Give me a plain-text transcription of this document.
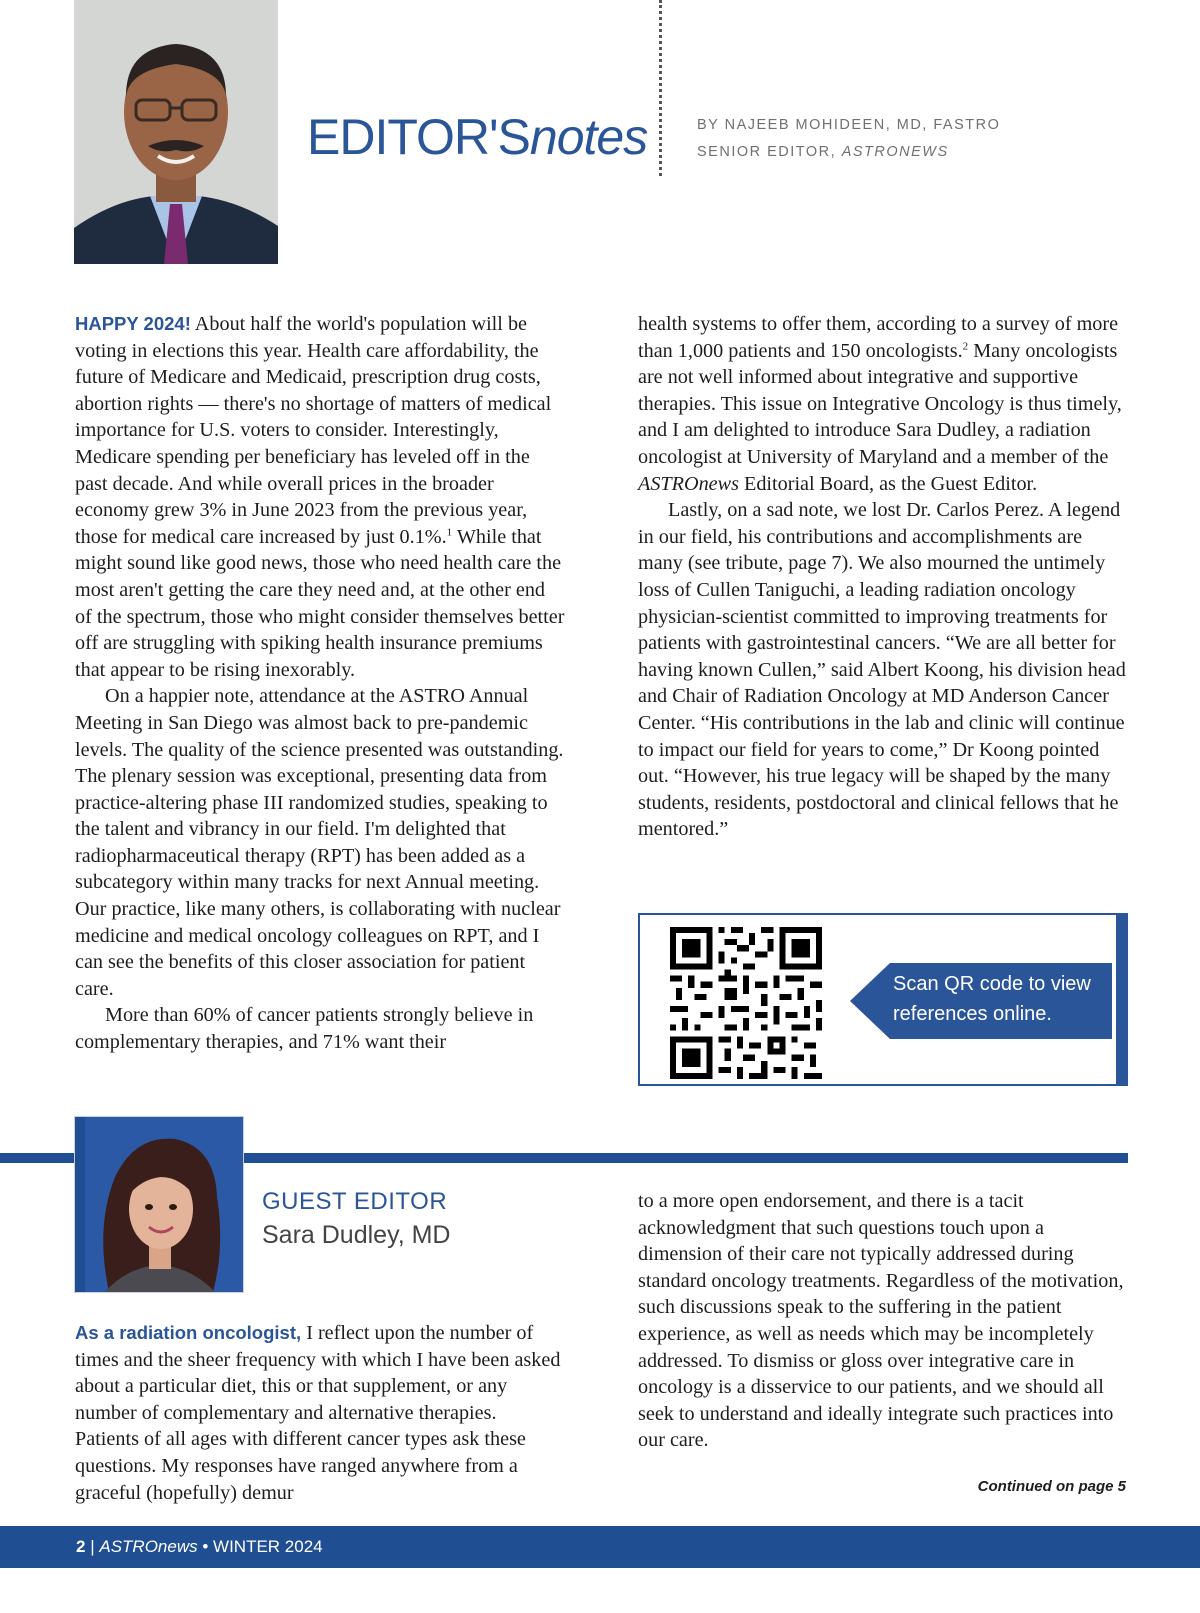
EDITOR'Snotes	BY NAJEEB MOHIDEEN, MD, FASTRO
SENIOR EDITOR, ASTRONEWS

HAPPY 2024! About half the world's population will be voting in elections this year. Health care affordability, the future of Medicare and Medicaid, prescription drug costs, abortion rights — there's no shortage of matters of medical importance for U.S. voters to consider. Interestingly, Medicare spending per beneficiary has leveled off in the past decade. And while overall prices in the broader economy grew 3% in June 2023 from the previous year, those for medical care increased by just 0.1%.$^1$ While that might sound like good news, those who need health care the most aren't getting the care they need and, at the other end of the spectrum, those who might consider themselves better off are struggling with spiking health insurance premiums that appear to be rising inexorably.

On a happier note, attendance at the ASTRO Annual Meeting in San Diego was almost back to pre-pandemic levels. The quality of the science presented was outstanding. The plenary session was exceptional, presenting data from practice-altering phase III randomized studies, speaking to the talent and vibrancy in our field. I'm delighted that radiopharmaceutical therapy (RPT) has been added as a subcategory within many tracks for next Annual meeting. Our practice, like many others, is collaborating with nuclear medicine and medical oncology colleagues on RPT, and I can see the benefits of this closer association for patient care.

More than 60% of cancer patients strongly believe in complementary therapies, and 71% want their

health systems to offer them, according to a survey of more than 1,000 patients and 150 oncologists.$^2$ Many oncologists are not well informed about integrative and supportive therapies. This issue on Integrative Oncology is thus timely, and I am delighted to introduce Sara Dudley, a radiation oncologist at University of Maryland and a member of the ASTROnews Editorial Board, as the Guest Editor.

Lastly, on a sad note, we lost Dr. Carlos Perez. A legend in our field, his contributions and accomplishments are many (see tribute, page 7). We also mourned the untimely loss of Cullen Taniguchi, a leading radiation oncology physician-scientist committed to improving treatments for patients with gastrointestinal cancers. “We are all better for having known Cullen,” said Albert Koong, his division head and Chair of Radiation Oncology at MD Anderson Cancer Center. “His contributions in the lab and clinic will continue to impact our field for years to come,” Dr Koong pointed out. “However, his true legacy will be shaped by the many students, residents, postdoctoral and clinical fellows that he mentored.”

Scan QR code to view
references online.
GUEST EDITOR
Sara Dudley, MD

As a radiation oncologist, I reflect upon the number of times and the sheer frequency with which I have been asked about a particular diet, this or that supplement, or any number of complementary and alternative therapies. Patients of all ages with different cancer types ask these questions. My responses have ranged anywhere from a graceful (hopefully) demur

to a more open endorsement, and there is a tacit acknowledgment that such questions touch upon a dimension of their care not typically addressed during standard oncology treatments. Regardless of the motivation, such discussions speak to the suffering in the patient experience, as well as needs which may be incompletely addressed. To dismiss or gloss over integrative care in oncology is a disservice to our patients, and we should all seek to understand and ideally integrate such practices into our care.

Continued on page 5
2 | ASTROnews • WINTER 2024
